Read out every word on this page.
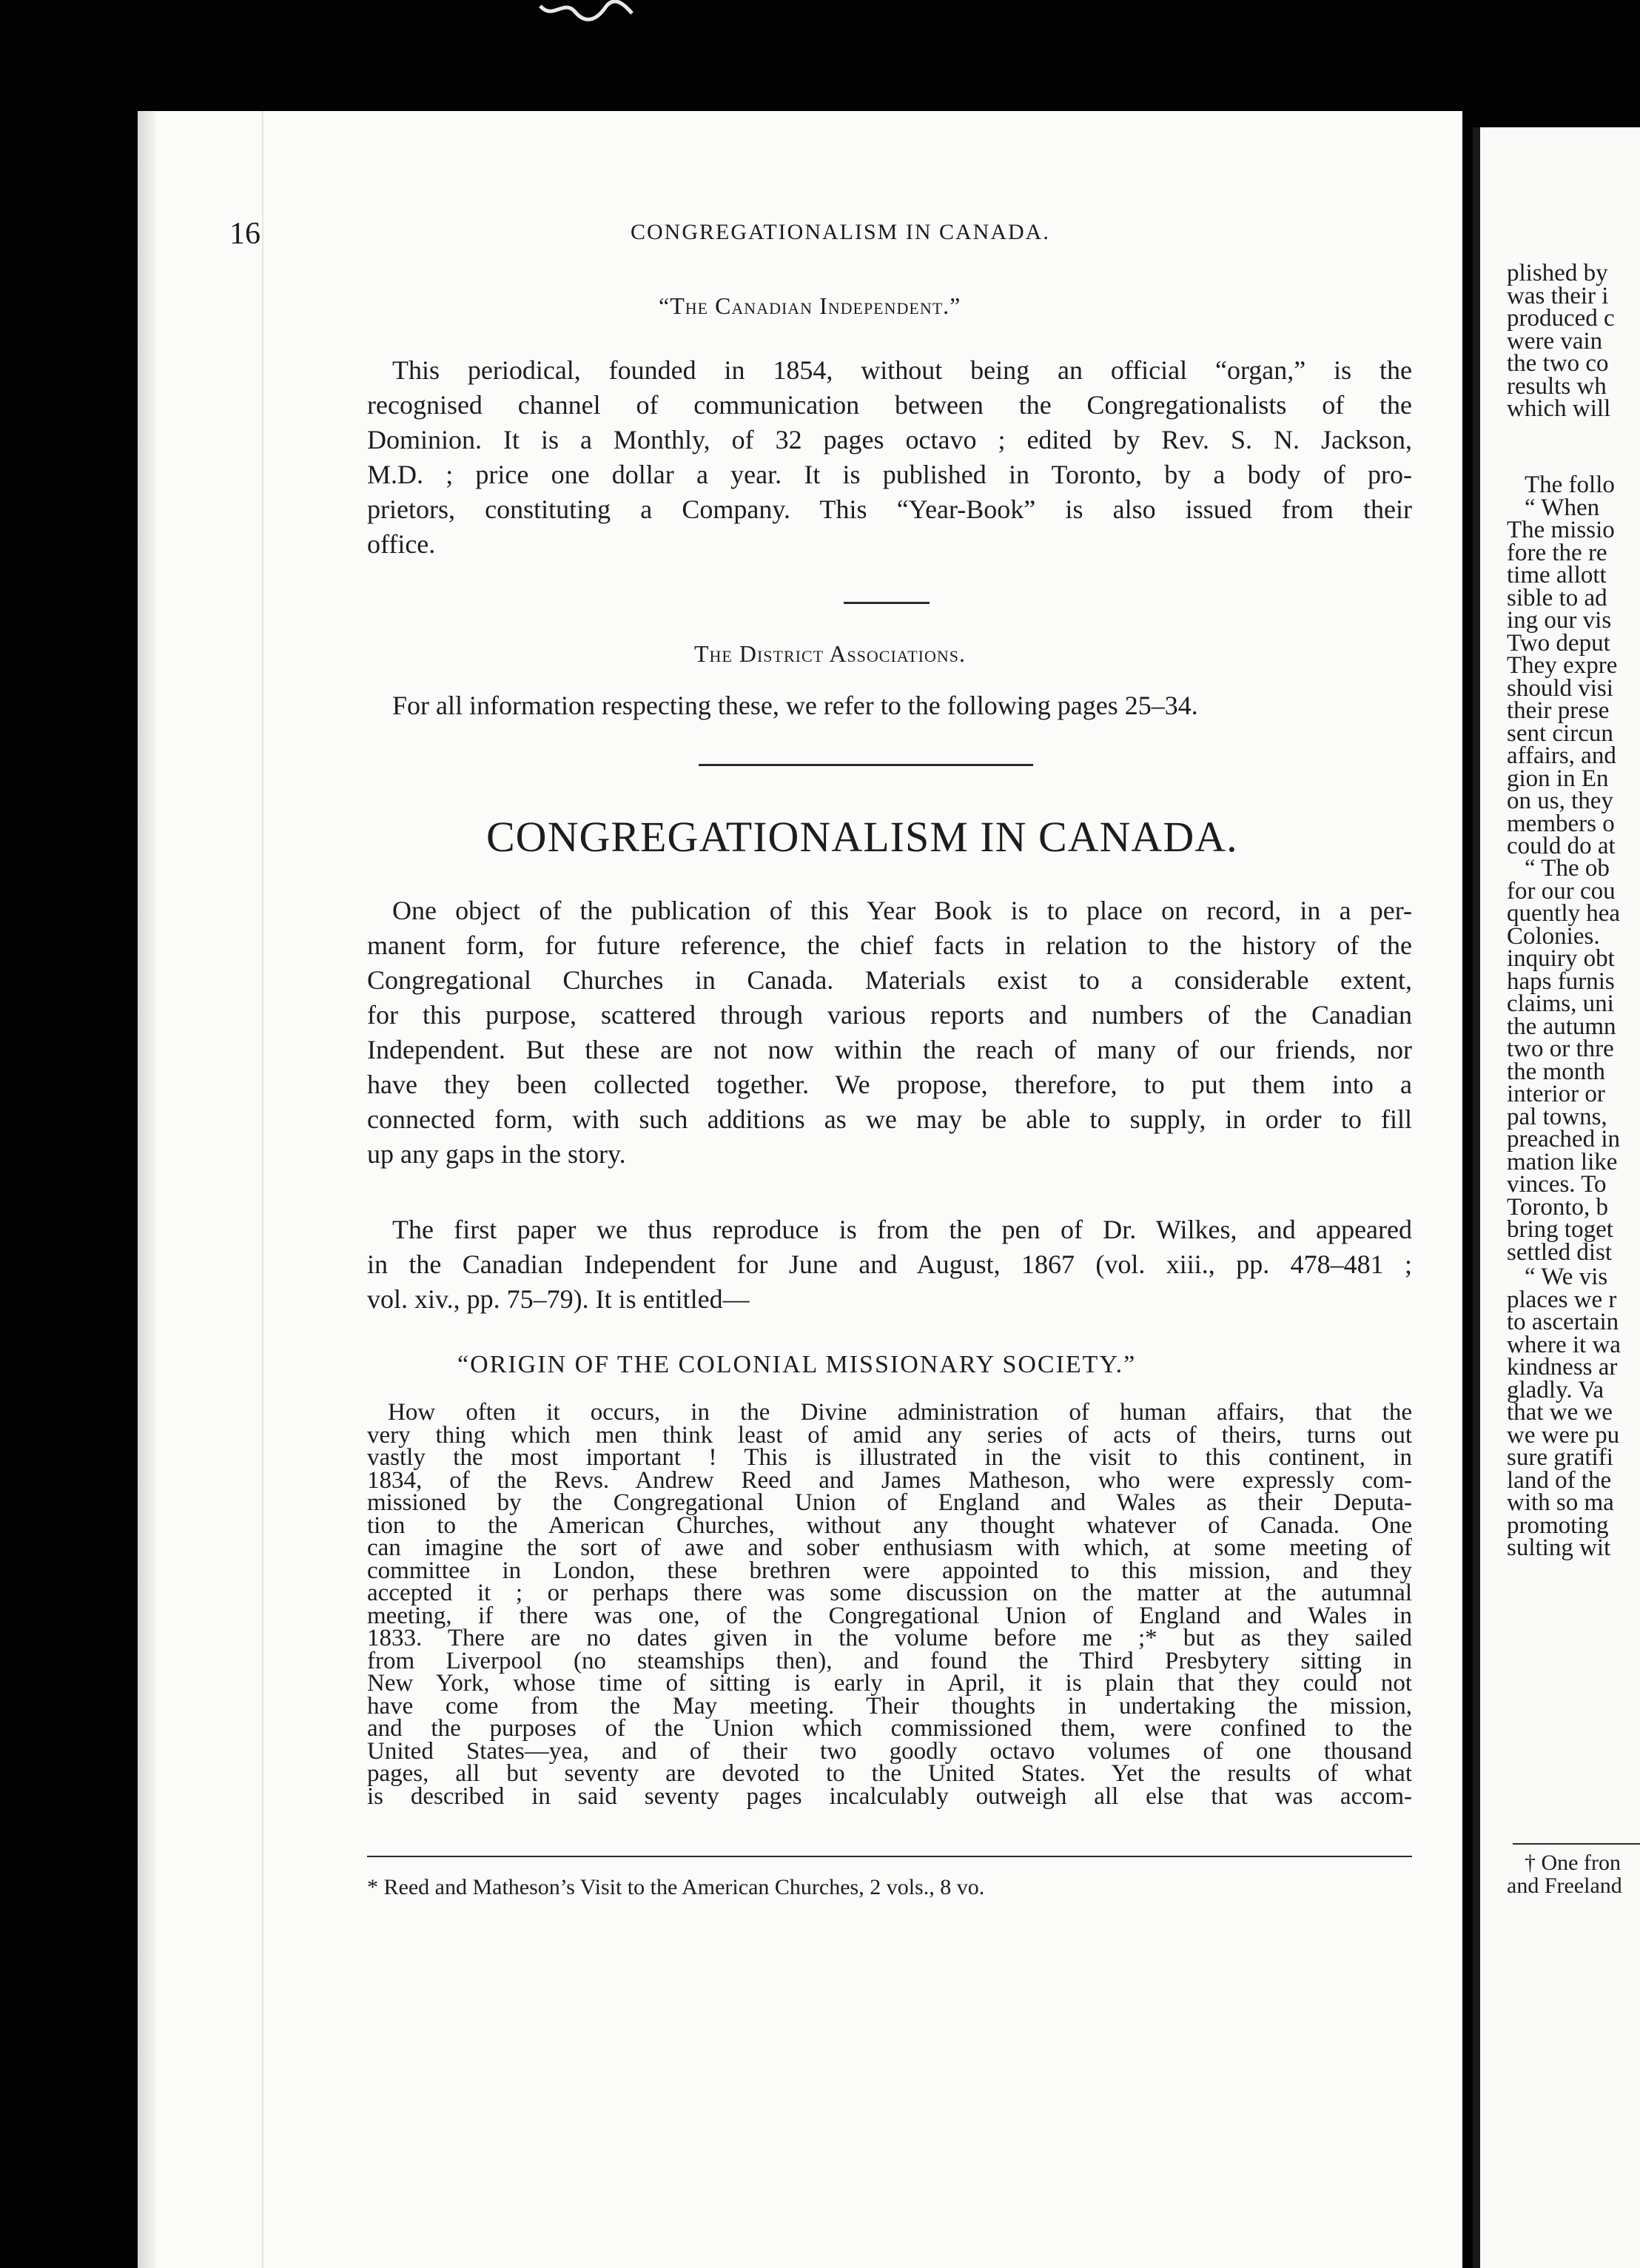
16	CONGREGATIONALISM IN CANADA.
“The Canadian Independent.”
This periodical, founded in 1854, without being an official “organ,” is the
recognised channel of communication between the Congregationalists of the
Dominion. It is a Monthly, of 32 pages octavo ; edited by Rev. S. N. Jackson,
M.D. ; price one dollar a year. It is published in Toronto, by a body of pro-
prietors, constituting a Company. This “Year-Book” is also issued from their
office.
The District Associations.
For all information respecting these, we refer to the following pages 25–34.
CONGREGATIONALISM IN CANADA.
One object of the publication of this Year Book is to place on record, in a per-
manent form, for future reference, the chief facts in relation to the history of the
Congregational Churches in Canada. Materials exist to a considerable extent,
for this purpose, scattered through various reports and numbers of the Canadian
Independent. But these are not now within the reach of many of our friends, nor
have they been collected together. We propose, therefore, to put them into a
connected form, with such additions as we may be able to supply, in order to fill
up any gaps in the story.
The first paper we thus reproduce is from the pen of Dr. Wilkes, and appeared
in the Canadian Independent for June and August, 1867 (vol. xiii., pp. 478–481 ;
vol. xiv., pp. 75–79). It is entitled—
“ORIGIN OF THE COLONIAL MISSIONARY SOCIETY.”
How often it occurs, in the Divine administration of human affairs, that the
very thing which men think least of amid any series of acts of theirs, turns out
vastly the most important ! This is illustrated in the visit to this continent, in
1834, of the Revs. Andrew Reed and James Matheson, who were expressly com-
missioned by the Congregational Union of England and Wales as their Deputa-
tion to the American Churches, without any thought whatever of Canada. One
can imagine the sort of awe and sober enthusiasm with which, at some meeting of
committee in London, these brethren were appointed to this mission, and they
accepted it ; or perhaps there was some discussion on the matter at the autumnal
meeting, if there was one, of the Congregational Union of England and Wales in
1833. There are no dates given in the volume before me ;* but as they sailed
from Liverpool (no steamships then), and found the Third Presbytery sitting in
New York, whose time of sitting is early in April, it is plain that they could not
have come from the May meeting. Their thoughts in undertaking the mission,
and the purposes of the Union which commissioned them, were confined to the
United States—yea, and of their two goodly octavo volumes of one thousand
pages, all but seventy are devoted to the United States. Yet the results of what
is described in said seventy pages incalculably outweigh all else that was accom-
* Reed and Matheson’s Visit to the American Churches, 2 vols., 8 vo.
plished by
was their i
produced c
were vain
the two co
results wh
which will
The follo
“ When
The missio
fore the re
time allott
sible to ad
ing our vis
Two deput
They expre
should visi
their prese
sent circun
affairs, and
gion in En
on us, they
members o
could do at
“ The ob
for our cou
quently hea
Colonies.
inquiry obt
haps furnis
claims, uni
the autumn
two or thre
the month
interior or
pal towns,
preached in
mation like
vinces. To
Toronto, b
bring toget
settled dist
“ We vis
places we r
to ascertain
where it wa
kindness ar
gladly. Va
that we we
we were pu
sure gratifi
land of the
with so ma
promoting
sulting wit
† One fron
and Freeland
